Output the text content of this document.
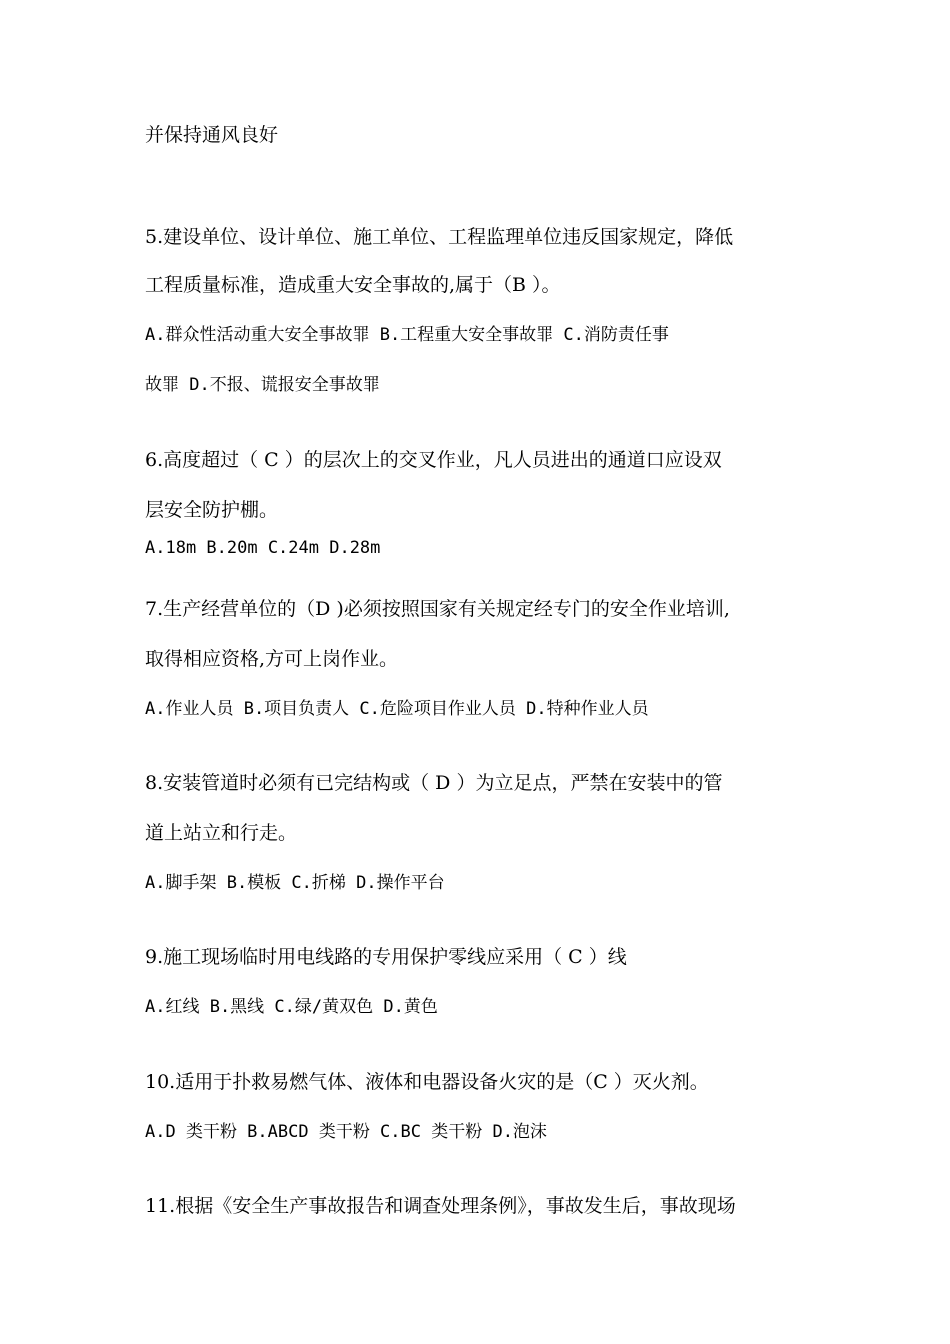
并保持通风良好
5.建设单位、设计单位、施工单位、工程监理单位违反国家规定，降低
工程质量标准，造成重大安全事故的,属于（B ）。
A.群众性活动重大安全事故罪 B.工程重大安全事故罪 C.消防责任事
故罪 D.不报、谎报安全事故罪
6.高度超过（ C ）的层次上的交叉作业，凡人员进出的通道口应设双
层安全防护棚。
A.18m B.20m C.24m D.28m
7.生产经营单位的（D )必须按照国家有关规定经专门的安全作业培训,
取得相应资格,方可上岗作业。
A.作业人员 B.项目负责人 C.危险项目作业人员 D.特种作业人员
8.安装管道时必须有已完结构或（ D ）为立足点，严禁在安装中的管
道上站立和行走。
A.脚手架 B.模板 C.折梯 D.操作平台
9.施工现场临时用电线路的专用保护零线应采用（ C ）线
A.红线 B.黑线 C.绿/黄双色 D.黄色
10.适用于扑救易燃气体、液体和电器设备火灾的是（C ）灭火剂。
A.D 类干粉 B.ABCD 类干粉 C.BC 类干粉 D.泡沫
11.根据《安全生产事故报告和调查处理条例》，事故发生后，事故现场
